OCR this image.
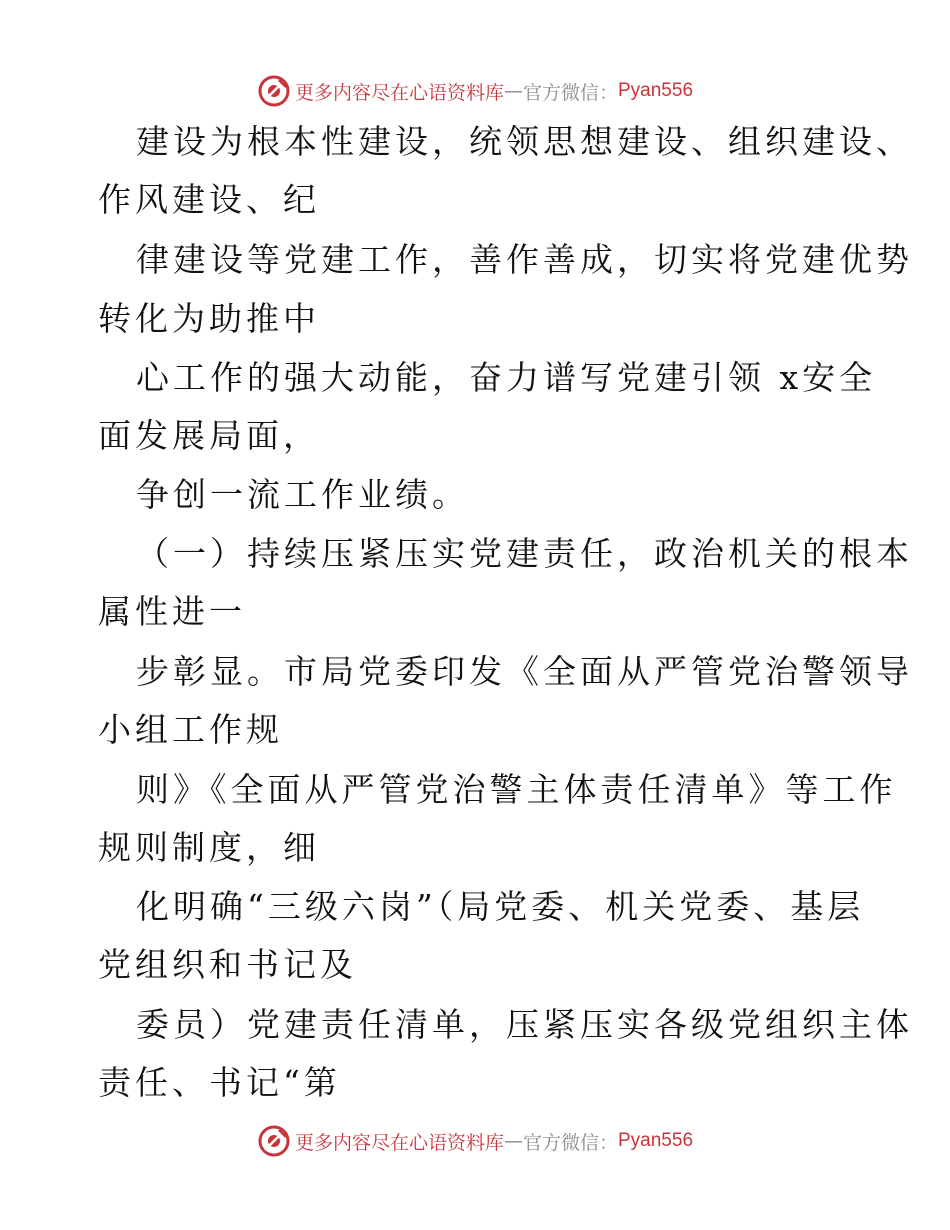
更多内容尽在心语资料库 — 官方微信： Pyan556
建设为根本性建设，统领思想建设、组织建设、
作风建设、纪
律建设等党建工作，善作善成，切实将党建优势
转化为助推中
心工作的强大动能，奋力谱写党建引领 x安全
面发展局面，
争创一流工作业绩。
（一）持续压紧压实党建责任，政治机关的根本
属性进一
步彰显。市局党委印发《全面从严管党治警领导
小组工作规
则》《全面从严管党治警主体责任清单》等工作
规则制度，细
化明确“三级六岗”（局党委、机关党委、基层
党组织和书记及
委员）党建责任清单，压紧压实各级党组织主体
责任、书记“第
更多内容尽在心语资料库 — 官方微信： Pyan556
